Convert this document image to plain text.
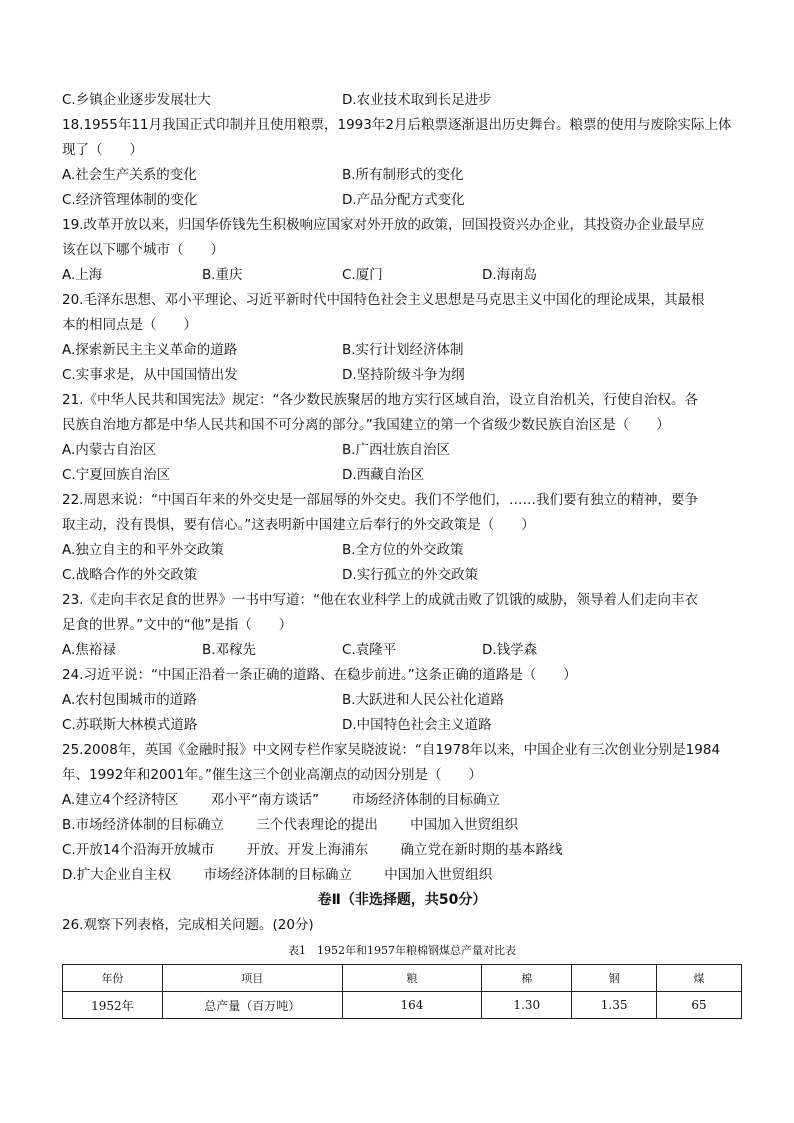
C.乡镇企业逐步发展壮大	D.农业技术取到长足进步
18.1955年11月我国正式印制并且使用粮票，1993年2月后粮票逐渐退出历史舞台。粮票的使用与废除实际上体
现了（　　）
A.社会生产关系的变化	B.所有制形式的变化
C.经济管理体制的变化	D.产品分配方式变化
19.改革开放以来，归国华侨钱先生积极响应国家对外开放的政策，回国投资兴办企业，其投资办企业最早应
该在以下哪个城市（　　）
A.上海	B.重庆	C.厦门	D.海南岛
20.毛泽东思想、邓小平理论、习近平新时代中国特色社会主义思想是马克思主义中国化的理论成果，其最根
本的相同点是（　　）
A.探索新民主主义革命的道路	B.实行计划经济体制
C.实事求是，从中国国情出发	D.坚持阶级斗争为纲
21.《中华人民共和国宪法》规定：“各少数民族聚居的地方实行区域自治，设立自治机关，行使自治权。各
民族自治地方都是中华人民共和国不可分离的部分。”我国建立的第一个省级少数民族自治区是（　　）
A.内蒙古自治区	B.广西壮族自治区
C.宁夏回族自治区	D.西藏自治区
22.周恩来说：“中国百年来的外交史是一部屈辱的外交史。我们不学他们，……我们要有独立的精神，要争
取主动，没有畏惧，要有信心。”这表明新中国建立后奉行的外交政策是（　　）
A.独立自主的和平外交政策	B.全方位的外交政策
C.战略合作的外交政策	D.实行孤立的外交政策
23.《走向丰衣足食的世界》一书中写道：“他在农业科学上的成就击败了饥饿的威胁，领导着人们走向丰衣
足食的世界。”文中的“他”是指（　　）
A.焦裕禄	B.邓稼先	C.袁隆平	D.钱学森
24.习近平说：“中国正沿着一条正确的道路、在稳步前进。”这条正确的道路是（　　）
A.农村包围城市的道路	B.大跃进和人民公社化道路
C.苏联斯大林模式道路	D.中国特色社会主义道路
25.2008年，英国《金融时报》中文网专栏作家吴晓波说：“自1978年以来，中国企业有三次创业分别是1984
年、1992年和2001年。”催生这三个创业高潮点的动因分别是（　　）
A.建立4个经济特区 邓小平“南方谈话” 市场经济体制的目标确立
B.市场经济体制的目标确立 三个代表理论的提出 中国加入世贸组织
C.开放14个沿海开放城市 开放、开发上海浦东 确立党在新时期的基本路线
D.扩大企业自主权 市场经济体制的目标确立 中国加入世贸组织
卷Ⅱ（非选择题，共50分）
26.观察下列表格，完成相关问题。(20分)
表1　1952年和1957年粮棉钢煤总产量对比表
年份	项目	粮	棉	钢	煤
1952年	总产量（百万吨）	164	1.30	1.35	65
